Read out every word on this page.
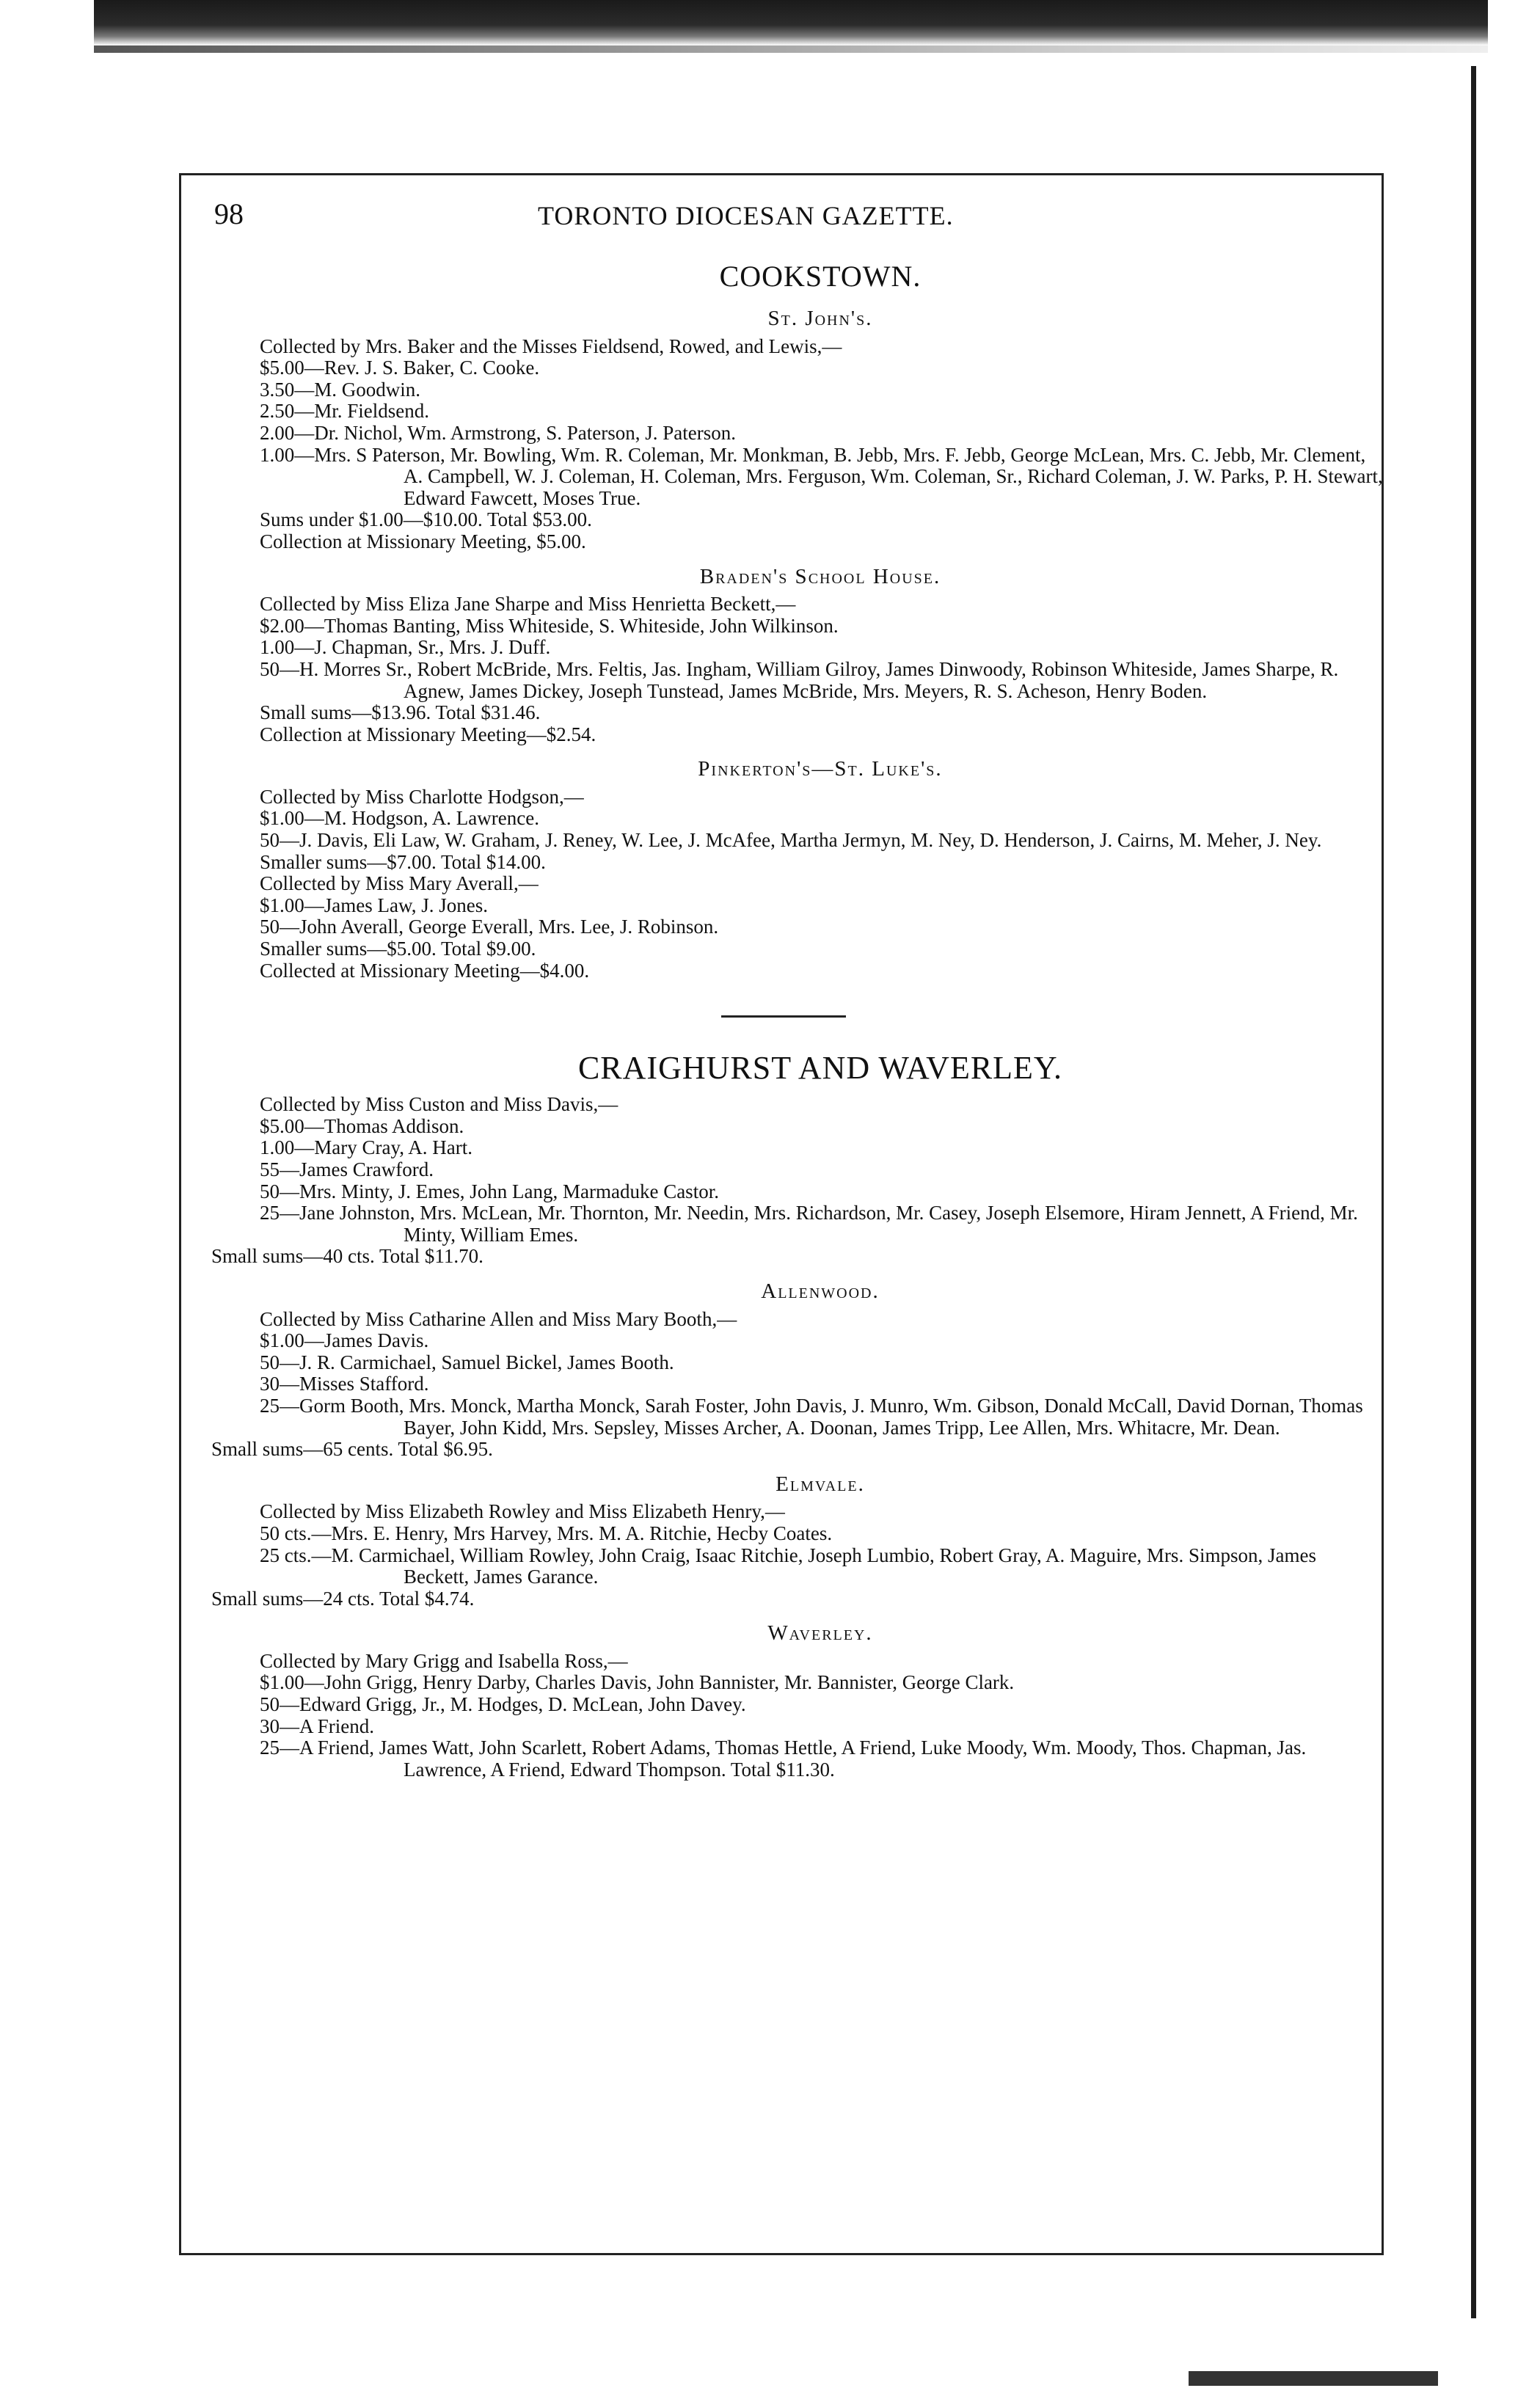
98	TORONTO DIOCESAN GAZETTE.
COOKSTOWN.
St. John's.
Collected by Mrs. Baker and the Misses Fieldsend, Rowed, and Lewis,—
$5.00—Rev. J. S. Baker, C. Cooke.
3.50—M. Goodwin.
2.50—Mr. Fieldsend.
2.00—Dr. Nichol, Wm. Armstrong, S. Paterson, J. Paterson.
1.00—Mrs. S Paterson, Mr. Bowling, Wm. R. Coleman, Mr. Monkman, B. Jebb, Mrs. F. Jebb, George McLean, Mrs. C. Jebb, Mr. Clement, A. Campbell, W. J. Coleman, H. Coleman, Mrs. Ferguson, Wm. Coleman, Sr., Richard Coleman, J. W. Parks, P. H. Stewart, Edward Fawcett, Moses True.
Sums under $1.00—$10.00. Total $53.00.
Collection at Missionary Meeting, $5.00.
Braden's School House.
Collected by Miss Eliza Jane Sharpe and Miss Henrietta Beckett,—
$2.00—Thomas Banting, Miss Whiteside, S. Whiteside, John Wilkinson.
1.00—J. Chapman, Sr., Mrs. J. Duff.
50—H. Morres Sr., Robert McBride, Mrs. Feltis, Jas. Ingham, William Gilroy, James Dinwoody, Robinson Whiteside, James Sharpe, R. Agnew, James Dickey, Joseph Tunstead, James McBride, Mrs. Meyers, R. S. Acheson, Henry Boden.
Small sums—$13.96. Total $31.46.
Collection at Missionary Meeting—$2.54.
Pinkerton's—St. Luke's.
Collected by Miss Charlotte Hodgson,—
$1.00—M. Hodgson, A. Lawrence.
50—J. Davis, Eli Law, W. Graham, J. Reney, W. Lee, J. McAfee, Martha Jermyn, M. Ney, D. Henderson, J. Cairns, M. Meher, J. Ney.
Smaller sums—$7.00. Total $14.00.
Collected by Miss Mary Averall,—
$1.00—James Law, J. Jones.
50—John Averall, George Everall, Mrs. Lee, J. Robinson.
Smaller sums—$5.00. Total $9.00.
Collected at Missionary Meeting—$4.00.
CRAIGHURST AND WAVERLEY.
Collected by Miss Custon and Miss Davis,—
$5.00—Thomas Addison.
1.00—Mary Cray, A. Hart.
55—James Crawford.
50—Mrs. Minty, J. Emes, John Lang, Marmaduke Castor.
25—Jane Johnston, Mrs. McLean, Mr. Thornton, Mr. Needin, Mrs. Richardson, Mr. Casey, Joseph Elsemore, Hiram Jennett, A Friend, Mr. Minty, William Emes.
Small sums—40 cts. Total $11.70.
Allenwood.
Collected by Miss Catharine Allen and Miss Mary Booth,—
$1.00—James Davis.
50—J. R. Carmichael, Samuel Bickel, James Booth.
30—Misses Stafford.
25—Gorm Booth, Mrs. Monck, Martha Monck, Sarah Foster, John Davis, J. Munro, Wm. Gibson, Donald McCall, David Dornan, Thomas Bayer, John Kidd, Mrs. Sepsley, Misses Archer, A. Doonan, James Tripp, Lee Allen, Mrs. Whitacre, Mr. Dean.
Small sums—65 cents. Total $6.95.
Elmvale.
Collected by Miss Elizabeth Rowley and Miss Elizabeth Henry,—
50 cts.—Mrs. E. Henry, Mrs Harvey, Mrs. M. A. Ritchie, Hecby Coates.
25 cts.—M. Carmichael, William Rowley, John Craig, Isaac Ritchie, Joseph Lumbio, Robert Gray, A. Maguire, Mrs. Simpson, James Beckett, James Garance.
Small sums—24 cts. Total $4.74.
Waverley.
Collected by Mary Grigg and Isabella Ross,—
$1.00—John Grigg, Henry Darby, Charles Davis, John Bannister, Mr. Bannister, George Clark.
50—Edward Grigg, Jr., M. Hodges, D. McLean, John Davey.
30—A Friend.
25—A Friend, James Watt, John Scarlett, Robert Adams, Thomas Hettle, A Friend, Luke Moody, Wm. Moody, Thos. Chapman, Jas. Lawrence, A Friend, Edward Thompson. Total $11.30.
